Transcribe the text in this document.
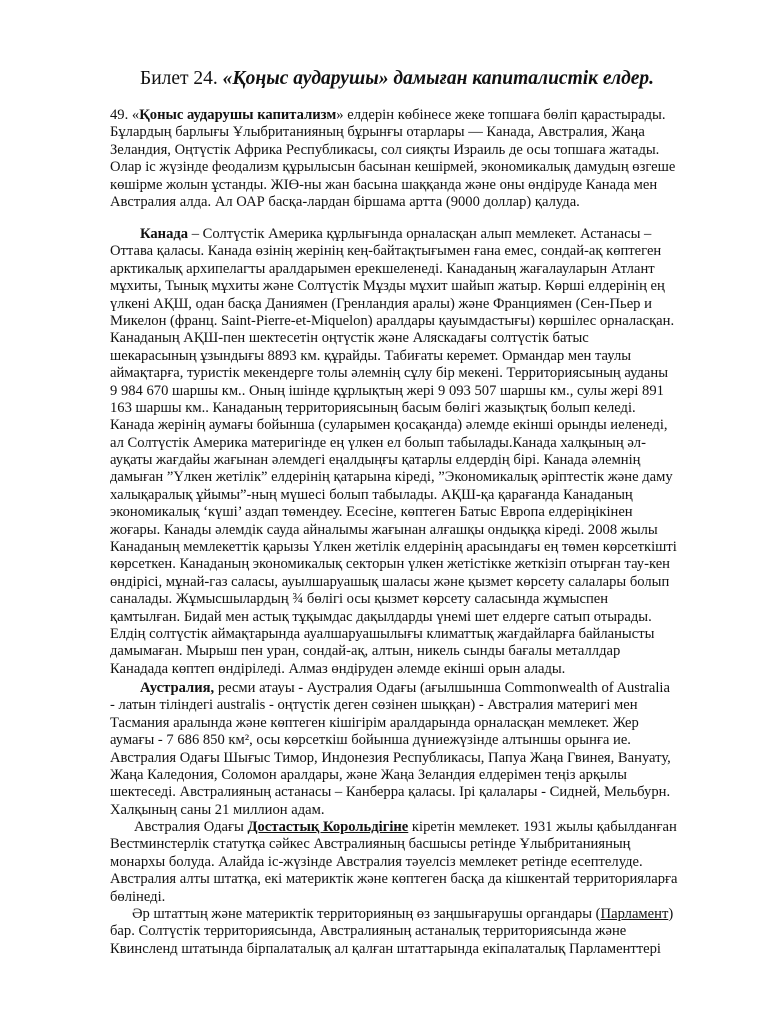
Билет 24. «Қоңыс аударушы» дамыған капиталистік елдер.
49. «Қоныс аударушы капитализм» елдерін көбінесе жеке топшаға бөліп қарастырады.
Бұлардың барлығы Ұлыбританияның бұрынғы отарлары — Канада, Австралия, Жаңа
Зеландия, Оңтүстік Африка Республикасы, сол сияқты Израиль де осы топшаға жатады.
Олар іс жүзінде феодализм құрылысын басынан кешірмей, экономикалық дамудың өзгеше
көшірме жолын ұстанды. ЖІӨ-ны жан басына шаққанда және оны өндіруде Канада мен
Австралия алда. Ал ОАР басқа-лардан біршама артта (9000 доллар) қалуда.
Канада – Солтүстік Америка құрлығында орналасқан алып мемлекет. Астанасы –
Оттава қаласы. Канада өзінің жерінің кең-байтақтығымен ғана емес, сондай-ақ көптеген
арктикалық архипелагты аралдарымен ерекшеленеді. Канаданың жағалауларын Атлант
мұхиты, Тынық мұхиты және Солтүстік Мұзды мұхит шайып жатыр. Көрші елдерінің ең
үлкені АҚШ, одан басқа Даниямен (Гренландия аралы) және Франциямен (Сен-Пьер и
Микелон (франц. Saint-Pierre-et-Miquelon) аралдары қауымдастығы) көршілес орналасқан.
Канаданың АҚШ-пен шектесетін оңтүстік және Аляскадағы солтүстік батыс
шекарасының ұзындығы 8893 км. құрайды. Табиғаты керемет. Ормандар мен таулы
аймақтарға, туристік мекендерге толы әлемнің сұлу бір мекені. Территориясының ауданы
9 984 670 шаршы км.. Оның ішінде құрлықтың жері 9 093 507 шаршы км., сулы жері 891
163 шаршы км.. Канаданың территориясының басым бөлігі жазықтық болып келеді.
Канада жерінің аумағы бойынша (суларымен қосақанда) әлемде екінші орынды иеленеді,
ал Солтүстік Америка материгінде ең үлкен ел болып табылады.Канада халқының әл-
ауқаты жағдайы жағынан әлемдегі еңалдыңғы қатарлы елдердің бірі. Канада әлемнің
дамыған ”Үлкен жетілік” елдерінің қатарына кіреді, ”Экономикалық әріптестік және даму
халықаралық ұйымы”-ның мүшесі болып табылады. АҚШ-қа қарағанда Канаданың
экономикалық ‘күші’ аздап төмендеу. Есесіне, көптеген Батыс Европа елдеріңікінен
жоғары. Канады әлемдік сауда айналымы жағынан алғашқы ондыққа кіреді. 2008 жылы
Канаданың мемлекеттік қарызы Үлкен жетілік елдерінің арасындағы ең төмен көрсеткішті
көрсеткен. Канаданың экономикалық секторын үлкен жетістікке жеткізіп отырған тау-кен
өндірісі, мұнай-газ саласы, ауылшаруашық шаласы және қызмет көрсету салалары болып
саналады. Жұмысшылардың ¾ бөлігі осы қызмет көрсету саласында жұмыспен
қамтылған. Бидай мен астық тұқымдас дақылдарды үнемі шет елдерге сатып отырады.
Елдің солтүстік аймақтарында ауалшаруашылығы климаттық жағдайларға байланысты
дамымаған. Мырыш пен уран, сондай-ақ, алтын, никель сынды бағалы металлдар
Канадада көптеп өндіріледі. Алмаз өндіруден әлемде екінші орын алады.
Аустралия, ресми атауы - Аустралия Одағы (ағылшынша Commonwealth of Australia
- латын тіліндегі australis - оңтүстік деген сөзінен шыққан) - Австралия материгі мен
Тасмания аралында және көптеген кішігірім аралдарында орналасқан мемлекет. Жер
аумағы - 7 686 850 км², осы көрсеткіш бойынша дүниежүзінде алтыншы орынға ие.
Австралия Одағы Шығыс Тимор, Индонезия Республикасы, Папуа Жаңа Гвинея, Вануату,
Жаңа Каледония, Соломон аралдары, және Жаңа Зеландия елдерімен теңіз арқылы
шектеседі. Австралияның астанасы – Канберра қаласы. Ірі қалалары - Сидней, Мельбурн.
Халқының саны 21 миллион адам.
Австралия Одағы Достастық Корольдігіне кіретін мемлекет. 1931 жылы қабылданған
Вестминстерлік статутқа сәйкес Австралияның басшысы ретінде Ұлыбританияның
монархы болуда. Алайда іс-жүзінде Австралия тәуелсіз мемлекет ретінде есептелуде.
Австралия алты штатқа, екі материктік және көптеген басқа да кішкентай территорияларға
бөлінеді.
Әр штаттың және материктік территорияның өз заңшығарушы органдары (Парламент)
бар. Солтүстік территориясында, Австралияның астаналық территориясында және
Квинсленд штатында бірпалаталық ал қалған штаттарында екіпалаталық Парламенттері
